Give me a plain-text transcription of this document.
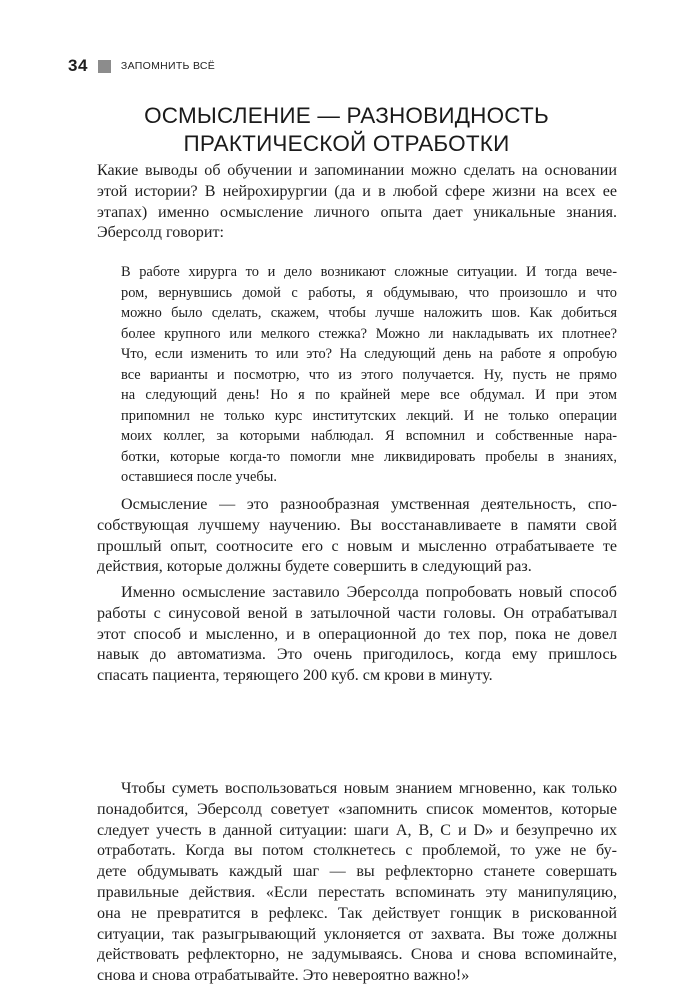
34	ЗАПОМНИТЬ ВСЁ
ОСМЫСЛЕНИЕ — РАЗНОВИДНОСТЬ
ПРАКТИЧЕСКОЙ ОТРАБОТКИ
Какие выводы об обучении и запоминании можно сделать на основании
этой истории? В нейрохирургии (да и в любой сфере жизни на всех ее
этапах) именно осмысление личного опыта дает уникальные знания.
Эберсолд говорит:
В работе хирурга то и дело возникают сложные ситуации. И тогда вече-
ром, вернувшись домой с работы, я обдумываю, что произошло и что
можно было сделать, скажем, чтобы лучше наложить шов. Как добиться
более крупного или мелкого стежка? Можно ли накладывать их плотнее?
Что, если изменить то или это? На следующий день на работе я опробую
все варианты и посмотрю, что из этого получается. Ну, пусть не прямо
на следующий день! Но я по крайней мере все обдумал. И при этом
припомнил не только курс институтских лекций. И не только операции
моих коллег, за которыми наблюдал. Я вспомнил и собственные нара-
ботки, которые когда-то помогли мне ликвидировать пробелы в знаниях,
оставшиеся после учебы.
Осмысление — это разнообразная умственная деятельность, спо-
собствующая лучшему научению. Вы восстанавливаете в памяти свой
прошлый опыт, соотносите его с новым и мысленно отрабатываете те
действия, которые должны будете совершить в следующий раз.
Именно осмысление заставило Эберсолда попробовать новый способ
работы с синусовой веной в затылочной части головы. Он отрабатывал
этот способ и мысленно, и в операционной до тех пор, пока не довел
навык до автоматизма. Это очень пригодилось, когда ему пришлось
спасать пациента, теряющего 200 куб. см крови в минуту.
Чтобы суметь воспользоваться новым знанием мгновенно, как только
понадобится, Эберсолд советует «запомнить список моментов, которые
следует учесть в данной ситуации: шаги A, B, C и D» и безупречно их
отработать. Когда вы потом столкнетесь с проблемой, то уже не бу-
дете обдумывать каждый шаг — вы рефлекторно станете совершать
правильные действия. «Если перестать вспоминать эту манипуляцию,
она не превратится в рефлекс. Так действует гонщик в рискованной
ситуации, так разыгрывающий уклоняется от захвата. Вы тоже должны
действовать рефлекторно, не задумываясь. Снова и снова вспоминайте,
снова и снова отрабатывайте. Это невероятно важно!»
